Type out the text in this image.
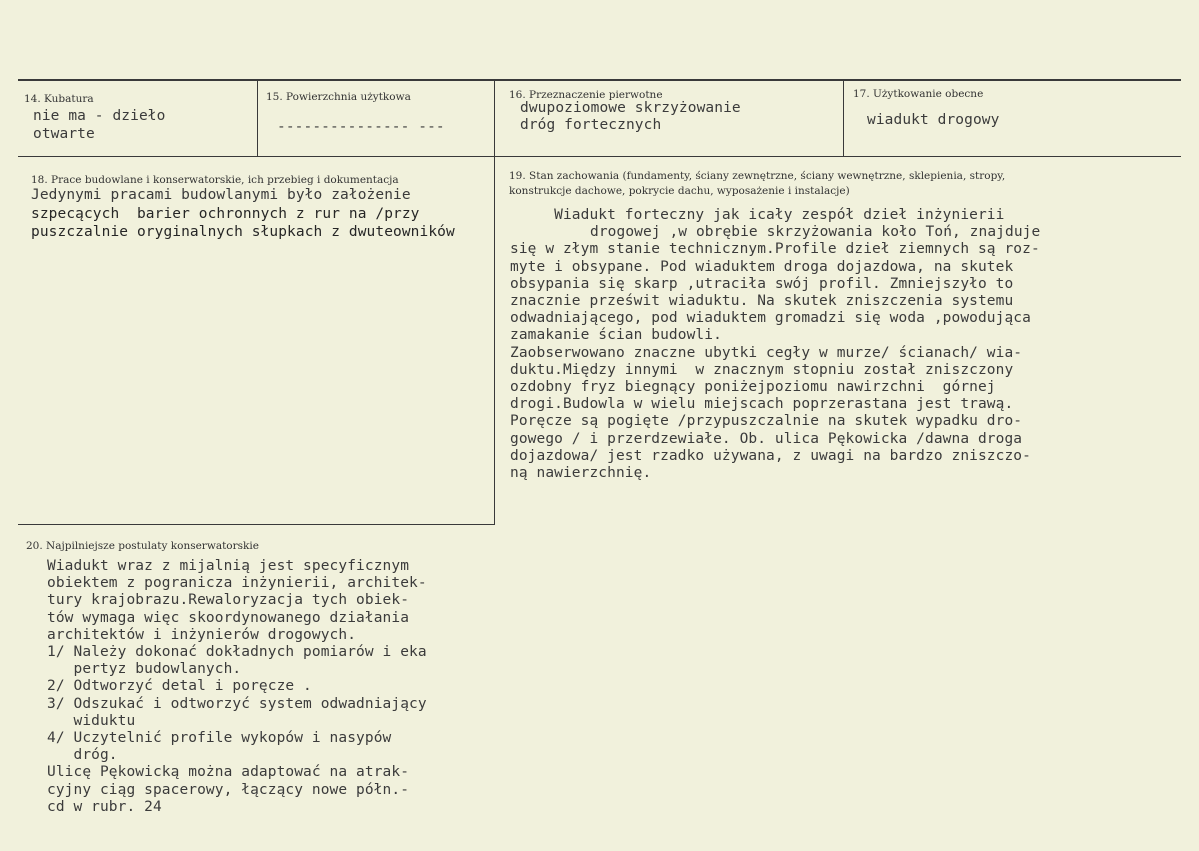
14. Kubatura
nie ma - dzieło
otwarte
15. Powierzchnia użytkowa
--------------- ---
16. Przeznaczenie pierwotne
dwupoziomowe skrzyżowanie
dróg fortecznych
17. Użytkowanie obecne
wiadukt drogowy
18. Prace budowlane i konserwatorskie, ich przebieg i dokumentacja
Jedynymi pracami budowlanymi było założenie
szpecących  barier ochronnych z rur na /przy
puszczalnie oryginalnych słupkach z dwuteowników
19. Stan zachowania (fundamenty, ściany zewnętrzne, ściany wewnętrzne, sklepienia, stropy,
konstrukcje dachowe, pokrycie dachu, wyposażenie i instalacje)
Wiadukt forteczny jak icały zespół dzieł inżynierii
drogowej ,w obrębie skrzyżowania koło Toń, znajduje
się w złym stanie technicznym.Profile dzieł ziemnych są roz-
myte i obsypane. Pod wiaduktem droga dojazdowa, na skutek
obsypania się skarp ,utraciła swój profil. Zmniejszyło to
znacznie prześwit wiaduktu. Na skutek zniszczenia systemu
odwadniającego, pod wiaduktem gromadzi się woda ,powodująca
zamakanie ścian budowli.
Zaobserwowano znaczne ubytki cegły w murze/ ścianach/ wia-
duktu.Między innymi  w znacznym stopniu został zniszczony
ozdobny fryz biegnący poniżejpoziomu nawirzchni  górnej
drogi.Budowla w wielu miejscach poprzerastana jest trawą.
Poręcze są pogięte /przypuszczalnie na skutek wypadku dro-
gowego / i przerdzewiałe. Ob. ulica Pękowicka /dawna droga
dojazdowa/ jest rzadko używana, z uwagi na bardzo zniszczo-
ną nawierzchnię.
20. Najpilniejsze postulaty konserwatorskie
Wiadukt wraz z mijalnią jest specyficznym
obiektem z pogranicza inżynierii, architek-
tury krajobrazu.Rewaloryzacja tych obiek-
tów wymaga więc skoordynowanego działania
architektów i inżynierów drogowych.
1/ Należy dokonać dokładnych pomiarów i eka
pertyz budowlanych.
2/ Odtworzyć detal i poręcze .
3/ Odszukać i odtworzyć system odwadniający
widuktu
4/ Uczytelnić profile wykopów i nasypów
dróg.
Ulicę Pękowicką można adaptować na atrak-
cyjny ciąg spacerowy, łączący nowe półn.-
cd w rubr. 24
